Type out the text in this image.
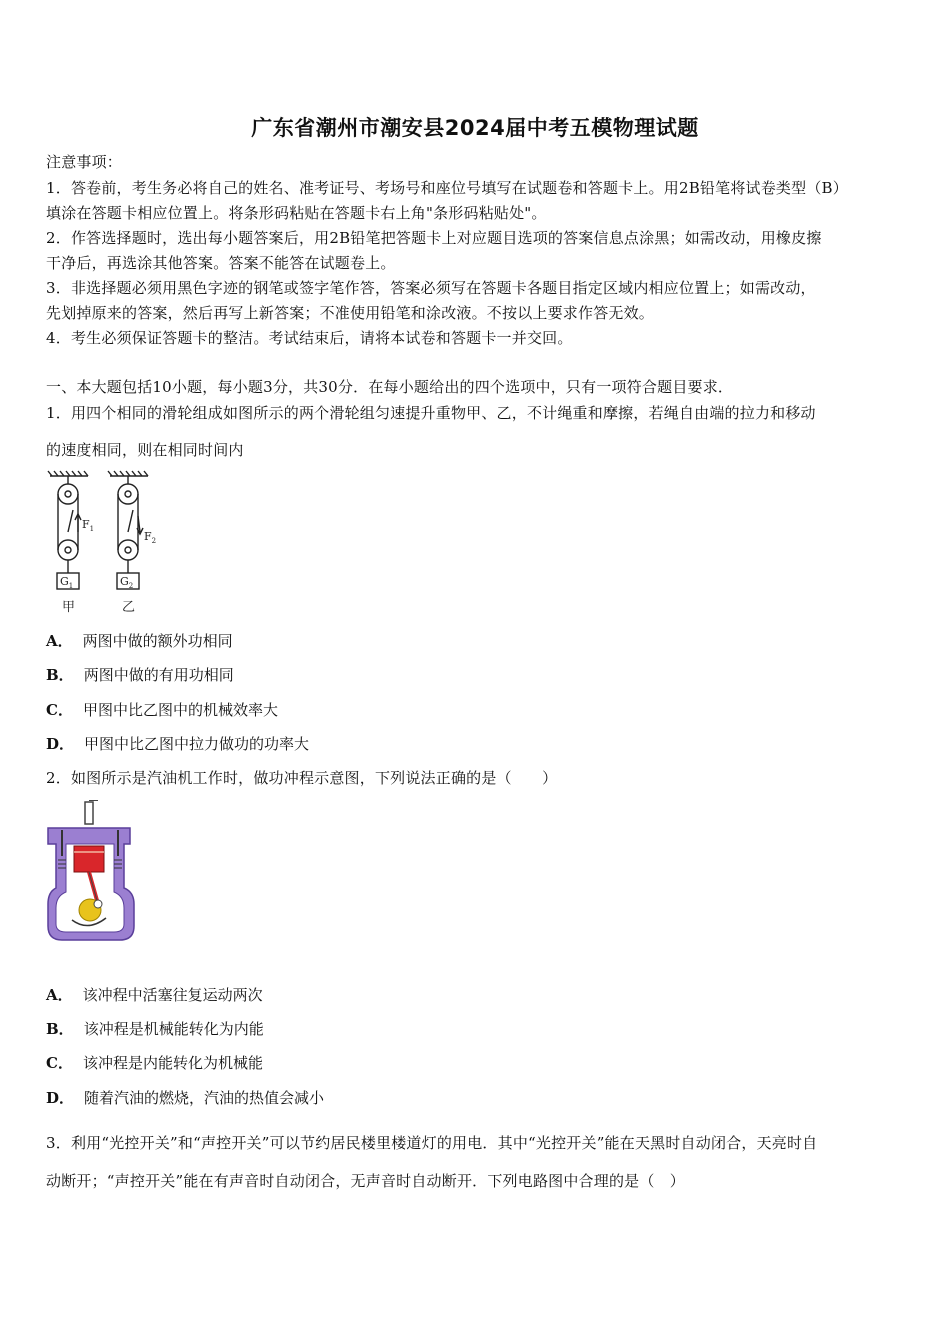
广东省潮州市潮安县2024届中考五模物理试题
注意事项：
1．答卷前，考生务必将自己的姓名、准考证号、考场号和座位号填写在试题卷和答题卡上。用2B铅笔将试卷类型（B）
填涂在答题卡相应位置上。将条形码粘贴在答题卡右上角"条形码粘贴处"。
2．作答选择题时，选出每小题答案后，用2B铅笔把答题卡上对应题目选项的答案信息点涂黑；如需改动，用橡皮擦
干净后，再选涂其他答案。答案不能答在试题卷上。
3．非选择题必须用黑色字迹的钢笔或签字笔作答，答案必须写在答题卡各题目指定区域内相应位置上；如需改动，
先划掉原来的答案，然后再写上新答案；不准使用铅笔和涂改液。不按以上要求作答无效。
4．考生必须保证答题卡的整洁。考试结束后，请将本试卷和答题卡一并交回。
一、本大题包括10小题，每小题3分，共30分．在每小题给出的四个选项中，只有一项符合题目要求．
1．用四个相同的滑轮组成如图所示的两个滑轮组匀速提升重物甲、乙，不计绳重和摩擦，若绳自由端的拉力和移动
的速度相同，则在相同时间内
$F_1$
$F_2$
$G_1$	$G_2$
甲	乙
A． 两图中做的额外功相同
B． 两图中做的有用功相同
C． 甲图中比乙图中的机械效率大
D． 甲图中比乙图中拉力做功的功率大
2．如图所示是汽油机工作时，做功冲程示意图，下列说法正确的是（　　）
A． 该冲程中活塞往复运动两次
B． 该冲程是机械能转化为内能
C． 该冲程是内能转化为机械能
D． 随着汽油的燃烧，汽油的热值会减小
3．利用“光控开关”和“声控开关”可以节约居民楼里楼道灯的用电．其中“光控开关”能在天黑时自动闭合，天亮时自
动断开；“声控开关”能在有声音时自动闭合，无声音时自动断开．下列电路图中合理的是（　）
